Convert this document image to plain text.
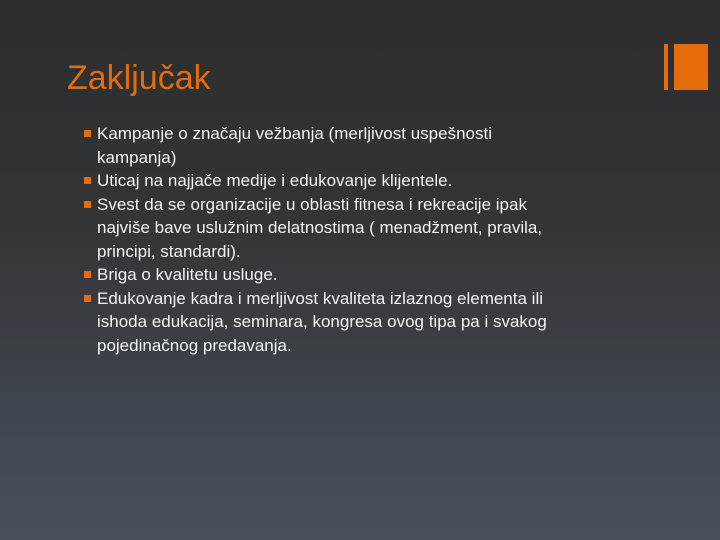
Zaključak
Kampanje o značaju vežbanja (merljivost uspešnosti
kampanja)
Uticaj na najjače medije i edukovanje klijentele.
Svest da se organizacije u oblasti fitnesa i rekreacije ipak
najviše bave uslužnim delatnostima ( menadžment, pravila,
principi, standardi).
Briga o kvalitetu usluge.
Edukovanje kadra i merljivost kvaliteta izlaznog elementa ili
ishoda edukacija, seminara, kongresa ovog tipa pa i svakog
pojedinačnog predavanja.
